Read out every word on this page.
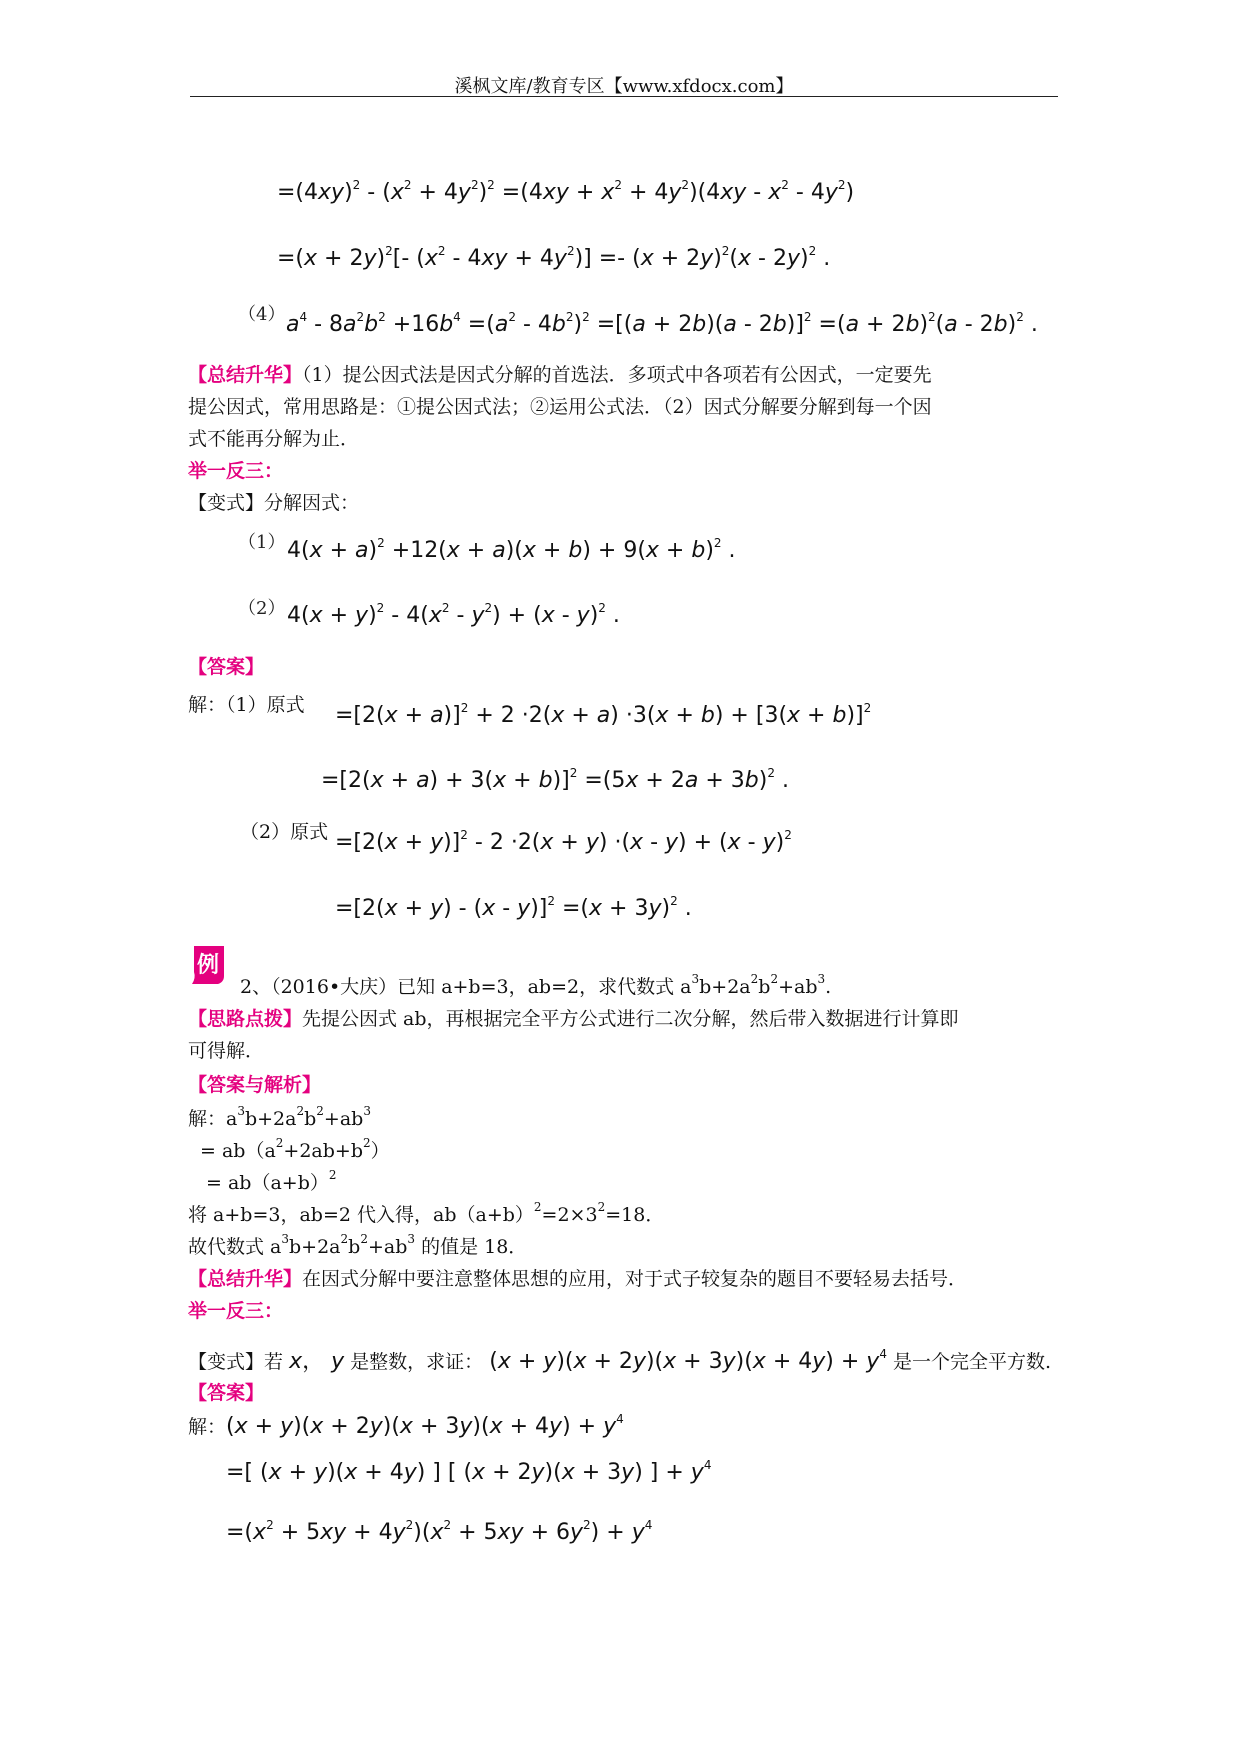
溪枫文库/教育专区【www.xfdocx.com】
$=(4xy)^2 - (x^2 + 4y^2)^2 =(4xy + x^2 + 4y^2)(4xy - x^2 - 4y^2)$
$=(x + 2y)^2[-$ $(x^2 - 4xy + 4y^2)] =- (x + 2y)^2(x - 2y)^2$ .
（4） $a^4 - 8a^2b^2 +16b^4 =(a^2 - 4b^2)^2 =[(a + 2b)(a - 2b)]^2 =(a + 2b)^2(a - 2b)^2$ .
【总结升华】（1）提公因式法是因式分解的首选法．多项式中各项若有公因式，一定要先
提公因式，常用思路是：①提公因式法；②运用公式法．（2）因式分解要分解到每一个因
式不能再分解为止．
举一反三：
【变式】分解因式：
（1） $4(x + a)^2 +12(x + a)(x + b) + 9(x + b)^2$ .
（2） $4(x + y)^2 - 4(x^2 - y^2) + (x - y)^2$ .
【答案】
解：（1）原式 $=[2(x + a)]^2 + 2 \cdot 2(x + a) \cdot 3(x + b) + [3(x + b)]^2$
$=[2(x + a) + 3(x + b)]^2 =(5x + 2a + 3b)^2$ .
（2）原式 $=[2(x + y)]^2 - 2 \cdot 2(x + y) \cdot(x - y) + (x - y)^2$
$=[2(x + y) - (x - y)]^2 =(x + 3y)^2$ .
例
2、（2016•大庆）已知 a+b=3，ab=2，求代数式 $a^3b+2a^2b^2+ab^3$.
【思路点拨】先提公因式 ab，再根据完全平方公式进行二次分解，然后带入数据进行计算即
可得解．
【答案与解析】
解：$a^3b+2a^2b^2+ab^3$
= $ab(a^2+2ab+b^2)$
= $ab(a+b)^2$
将 a+b=3，ab=2 代入得，$ab(a+b)^2=2\times 3^2=18$．
故代数式 $a^3b+2a^2b^2+ab^3$ 的值是 18．
【总结升华】在因式分解中要注意整体思想的应用，对于式子较复杂的题目不要轻易去括号．
举一反三：
【变式】若 x， y 是整数，求证： $(x + y)(x + 2y)(x + 3y)(x + 4y) + y^4$ 是一个完全平方数.
【答案】
解：$(x + y)(x + 2y)(x + 3y)(x + 4y) + y^4$
=[ (x + y)(x + 4y) ] [ (x + 2y)(x + 3y) ] + $y^4$
$=(x^2 + 5xy + 4y^2)(x^2 + 5xy + 6y^2) + y^4$
